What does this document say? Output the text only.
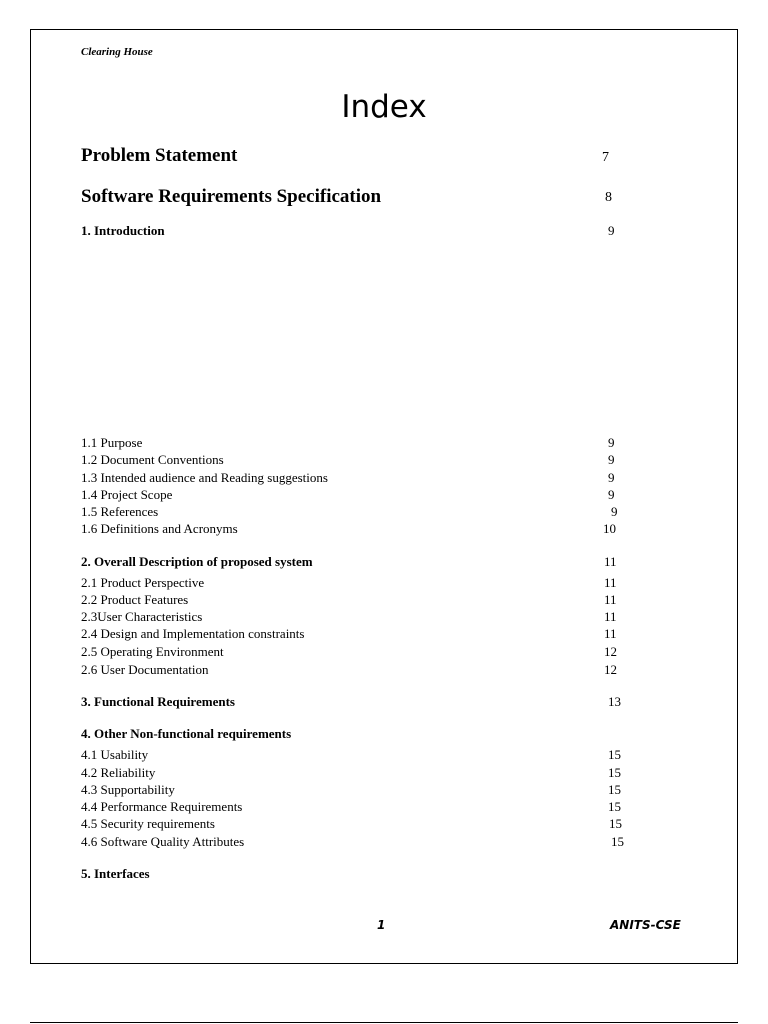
Clearing House
Index
Problem Statement	7
Software Requirements Specification	8
1. Introduction	9
1.1 Purpose	9
1.2 Document Conventions	9
1.3 Intended audience and Reading suggestions	9
1.4 Project Scope	9
1.5 References	9
1.6 Definitions and Acronyms	10
2. Overall Description of proposed system	11
2.1 Product Perspective	11
2.2 Product Features	11
2.3User Characteristics	11
2.4 Design and Implementation constraints	11
2.5 Operating Environment	12
2.6 User Documentation	12
3. Functional Requirements	13
4. Other Non-functional requirements
4.1 Usability	15
4.2 Reliability	15
4.3 Supportability	15
4.4 Performance Requirements	15
4.5 Security requirements	15
4.6 Software Quality Attributes	15
5. Interfaces
1	ANITS-CSE
